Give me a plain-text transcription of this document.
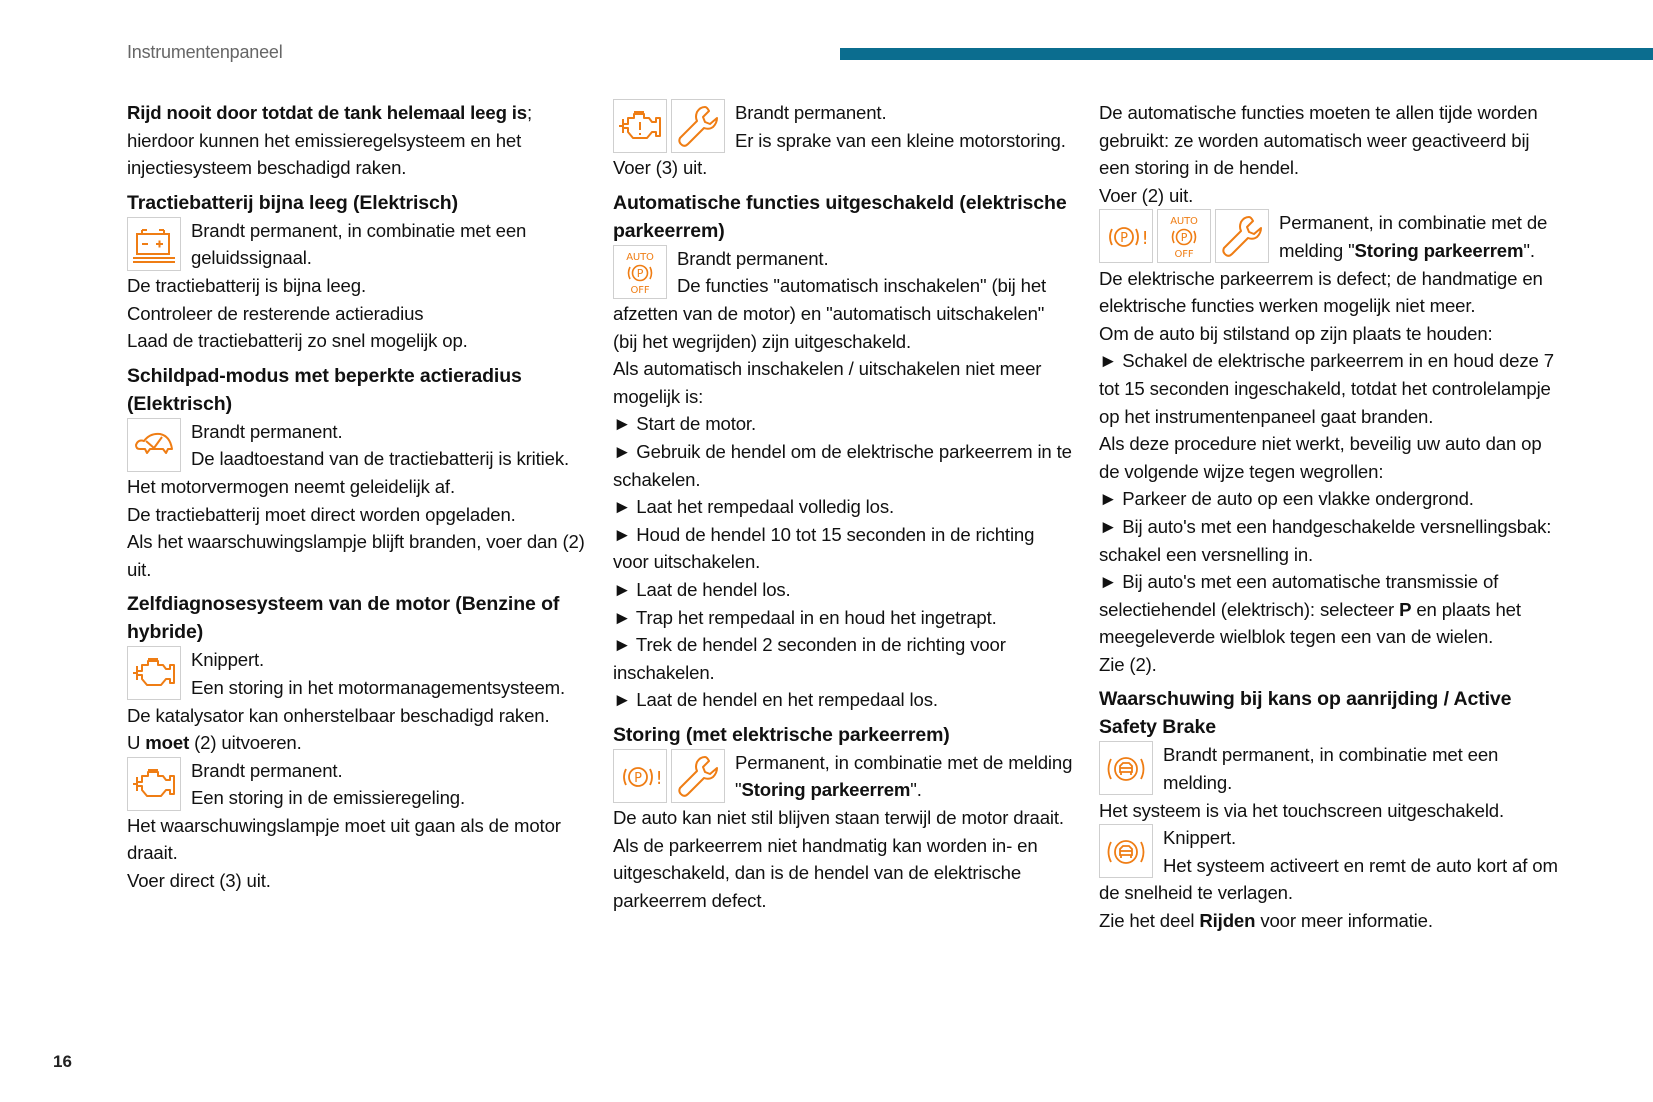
Instrumentenpaneel

Rijd nooit door totdat de tank helemaal leeg is; hierdoor kunnen het emissieregelsysteem en het injectiesysteem beschadigd raken.

Tractiebatterij bijna leeg (Elektrisch)

Brandt permanent, in combinatie met een geluidssignaal.

De tractiebatterij is bijna leeg.

Controleer de resterende actieradius

Laad de tractiebatterij zo snel mogelijk op.

Schildpad-modus met beperkte actieradius (Elektrisch)

Brandt permanent.

De laadtoestand van de tractiebatterij is kritiek.

Het motorvermogen neemt geleidelijk af.

De tractiebatterij moet direct worden opgeladen.

Als het waarschuwingslampje blijft branden, voer dan (2) uit.

Zelfdiagnosesysteem van de motor (Benzine of hybride)

Knippert.

Een storing in het motormanagementsysteem.

De katalysator kan onherstelbaar beschadigd raken.

U moet (2) uitvoeren.

Brandt permanent.

Een storing in de emissieregeling.

Het waarschuwingslampje moet uit gaan als de motor draait.

Voer direct (3) uit.

Brandt permanent.

Er is sprake van een kleine motorstoring.

Voer (3) uit.

Automatische functies uitgeschakeld (elektrische parkeerrem)

AUTO
P
OFF

Brandt permanent.

De functies "automatisch inschakelen" (bij het afzetten van de motor) en "automatisch uitschakelen" (bij het wegrijden) zijn uitgeschakeld.

Als automatisch inschakelen / uitschakelen niet meer mogelijk is:

► Start de motor.

► Gebruik de hendel om de elektrische parkeerrem in te schakelen.

► Laat het rempedaal volledig los.

► Houd de hendel 10 tot 15 seconden in de richting voor uitschakelen.

► Laat de hendel los.

► Trap het rempedaal in en houd het ingetrapt.

► Trek de hendel 2 seconden in de richting voor inschakelen.

► Laat de hendel en het rempedaal los.

Storing (met elektrische parkeerrem)

P !

Permanent, in combinatie met de melding "Storing parkeerrem".

De auto kan niet stil blijven staan terwijl de motor draait.

Als de parkeerrem niet handmatig kan worden in- en uitgeschakeld, dan is de hendel van de elektrische parkeerrem defect.

De automatische functies moeten te allen tijde worden gebruikt: ze worden automatisch weer geactiveerd bij een storing in de hendel.

Voer (2) uit.

P !
AUTO
P
OFF

Permanent, in combinatie met de melding "Storing parkeerrem".

De elektrische parkeerrem is defect; de handmatige en elektrische functies werken mogelijk niet meer.

Om de auto bij stilstand op zijn plaats te houden:

► Schakel de elektrische parkeerrem in en houd deze 7 tot 15 seconden ingeschakeld, totdat het controlelampje op het instrumentenpaneel gaat branden.

Als deze procedure niet werkt, beveilig uw auto dan op de volgende wijze tegen wegrollen:

► Parkeer de auto op een vlakke ondergrond.

► Bij auto's met een handgeschakelde versnellingsbak: schakel een versnelling in.

► Bij auto's met een automatische transmissie of selectiehendel (elektrisch): selecteer P en plaats het meegeleverde wielblok tegen een van de wielen.

Zie (2).

Waarschuwing bij kans op aanrijding / Active Safety Brake

Brandt permanent, in combinatie met een melding.

Het systeem is via het touchscreen uitgeschakeld.

Knippert.

Het systeem activeert en remt de auto kort af om de snelheid te verlagen.

Zie het deel Rijden voor meer informatie.

16
